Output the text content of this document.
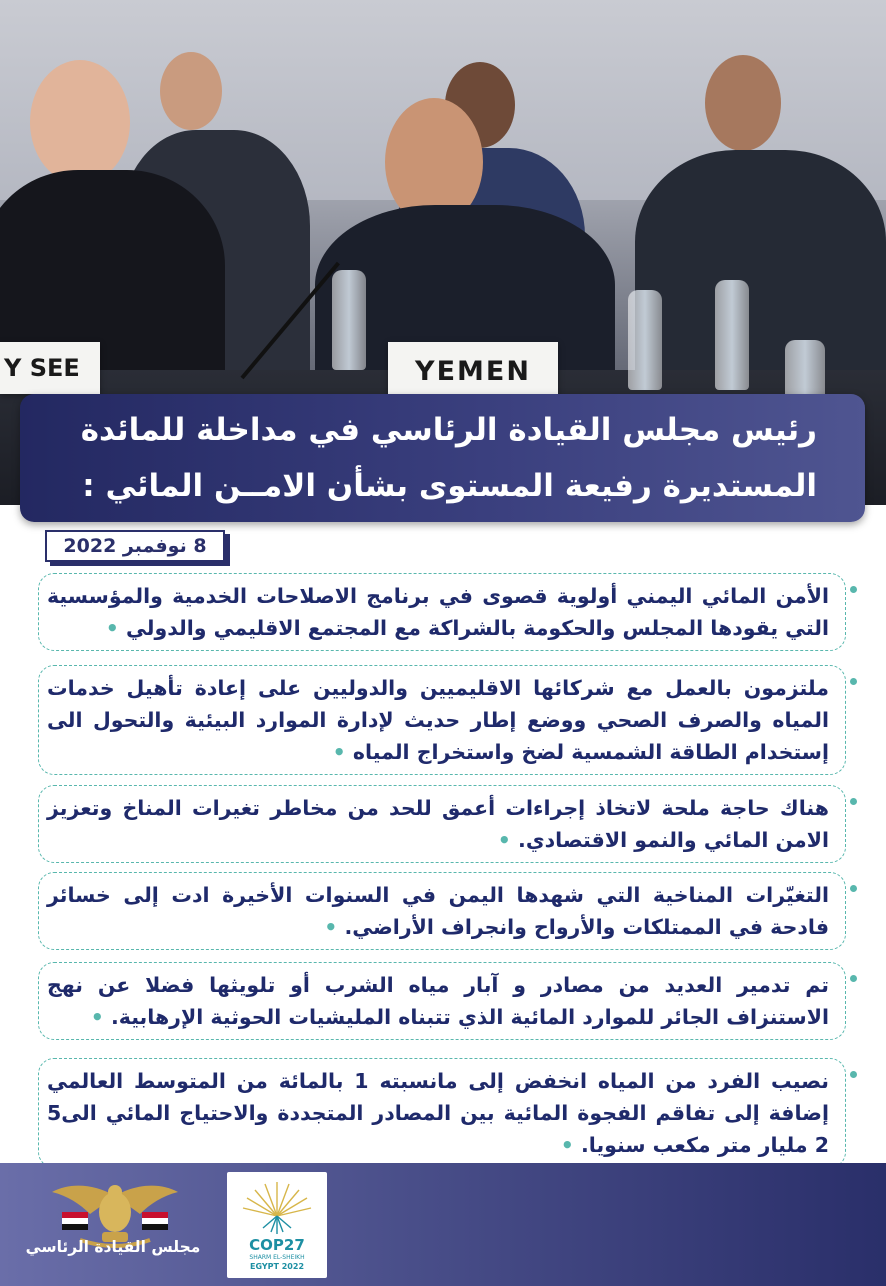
Y SEE	YEMEN
رئيس مجلس القيادة الرئاسي في مداخلة للمائدة
المستديرة رفيعة المستوى بشأن الامــن المائي :
8 نوفمبر 2022
الأمن المائي اليمني أولوية قصوى في برنامج الاصلاحات الخدمية والمؤسسية التي يقودها المجلس والحكومة بالشراكة مع المجتمع الاقليمي والدولي •
ملتزمون بالعمل مع شركائها الاقليميين والدوليين على إعادة تأهيل خدمات المياه والصرف الصحي ووضع إطار حديث لإدارة الموارد البيئية والتحول الى إستخدام الطاقة الشمسية لضخ واستخراج المياه •
هناك حاجة ملحة لاتخاذ إجراءات أعمق للحد من مخاطر تغيرات المناخ وتعزيز الامن المائي والنمو الاقتصادي. •
التغيّرات المناخية التي شهدها اليمن في السنوات الأخيرة ادت إلى خسائر فادحة في الممتلكات والأرواح وانجراف الأراضي. •
تم تدمير العديد من مصادر و آبار مياه الشرب أو تلويثها فضلا عن نهج الاستنزاف الجائر للموارد المائية الذي تتبناه المليشيات الحوثية الإرهابية. •
نصيب الفرد من المياه انخفض إلى مانسبته 1 بالمائة من المتوسط العالمي إضافة إلى تفاقم الفجوة المائية بين المصادر المتجددة والاحتياج المائي الى5 2 مليار متر مكعب سنويا. •
مجلس القيادة الرئاسي	COP27
SHARM EL-SHEIKH
EGYPT 2022
